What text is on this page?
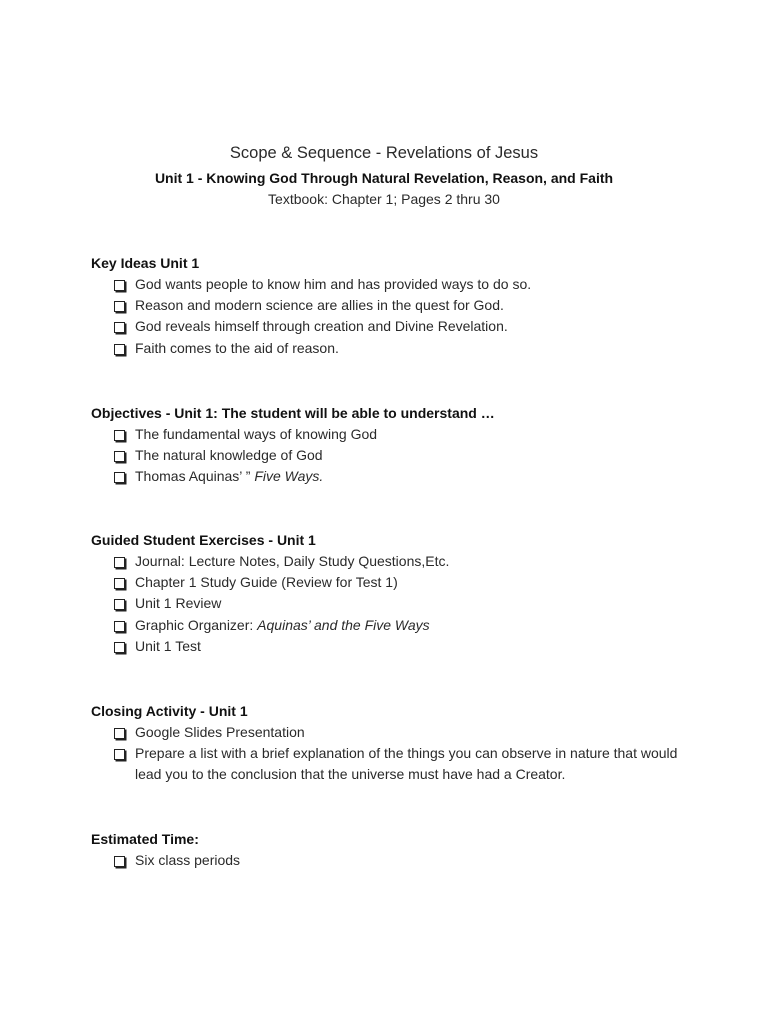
Scope & Sequence - Revelations of Jesus
Unit 1 - Knowing God Through Natural Revelation, Reason, and Faith
Textbook: Chapter 1; Pages 2 thru 30

Key Ideas Unit 1

God wants people to know him and has provided ways to do so.
Reason and modern science are allies in the quest for God.
God reveals himself through creation and Divine Revelation.
Faith comes to the aid of reason.

Objectives - Unit 1: The student will be able to understand …

The fundamental ways of knowing God
The natural knowledge of God
Thomas Aquinas’ ” Five Ways.

Guided Student Exercises - Unit 1

Journal: Lecture Notes, Daily Study Questions,Etc.
Chapter 1 Study Guide (Review for Test 1)
Unit 1 Review
Graphic Organizer: Aquinas’ and the Five Ways
Unit 1 Test

Closing Activity - Unit 1

Google Slides Presentation
Prepare a list with a brief explanation of the things you can observe in nature that would lead you to the conclusion that the universe must have had a Creator.

Estimated Time:

Six class periods
